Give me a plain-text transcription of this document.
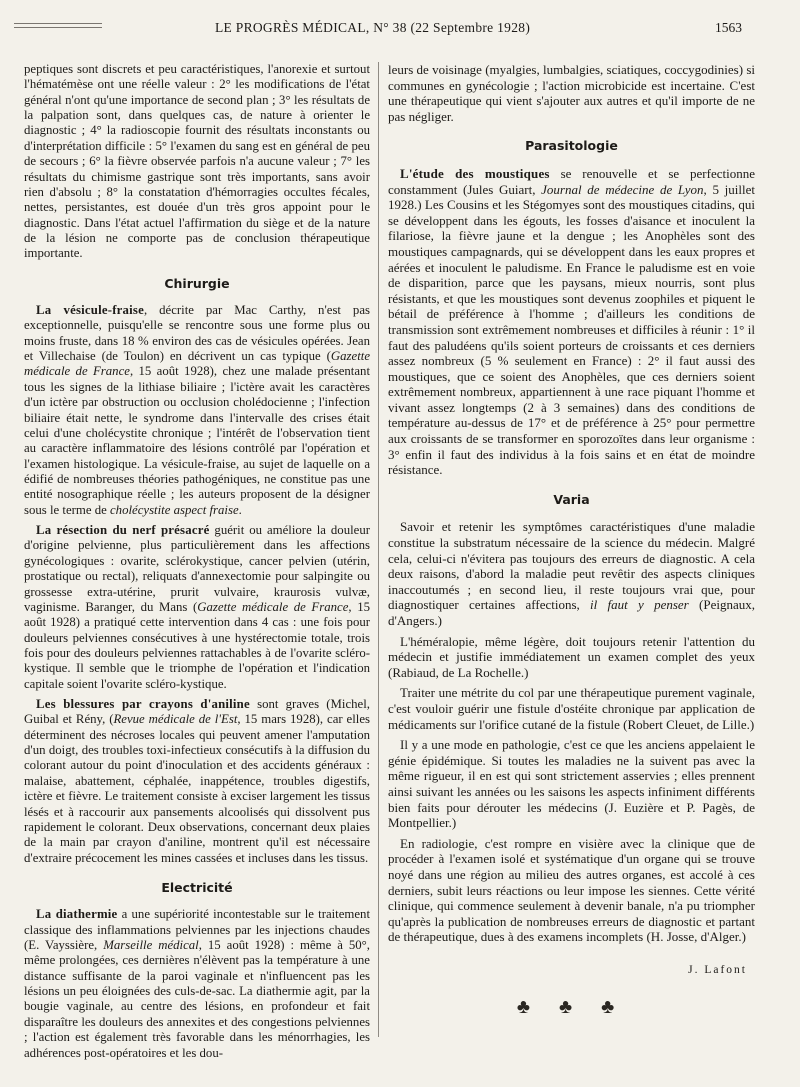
LE PROGRÈS MÉDICAL, N° 38 (22 Septembre 1928)	1563

peptiques sont discrets et peu caractéristiques, l'anorexie et surtout l'hématémèse ont une réelle valeur : 2° les modifications de l'état général n'ont qu'une importance de second plan ; 3° les résultats de la palpation sont, dans quelques cas, de nature à orienter le diagnostic ; 4° la radioscopie fournit des résultats inconstants ou d'interprétation difficile : 5° l'examen du sang est en général de peu de secours ; 6° la fièvre observée parfois n'a aucune valeur ; 7° les résultats du chimisme gastrique sont très importants, sans avoir rien d'absolu ; 8° la constatation d'hémorragies occultes fécales, nettes, persistantes, est douée d'un très gros appoint pour le diagnostic. Dans l'état actuel l'affirmation du siège et de la nature de la lésion ne comporte pas de conclusion thérapeutique importante.

Chirurgie

La vésicule-fraise, décrite par Mac Carthy, n'est pas exceptionnelle, puisqu'elle se rencontre sous une forme plus ou moins fruste, dans 18 % environ des cas de vésicules opérées. Jean et Villechaise (de Toulon) en décrivent un cas typique (Gazette médicale de France, 15 août 1928), chez une malade présentant tous les signes de la lithiase biliaire ; l'ictère avait les caractères d'un ictère par obstruction ou occlusion cholédocienne ; l'infection biliaire était nette, le syndrome dans l'intervalle des crises était celui d'une cholécystite chronique ; l'intérêt de l'observation tient au caractère inflammatoire des lésions contrôlé par l'opération et l'examen histologique. La vésicule-fraise, au sujet de laquelle on a édifié de nombreuses théories pathogéniques, ne constitue pas une entité nosographique réelle ; les auteurs proposent de la désigner sous le terme de cholécystite aspect fraise.

La résection du nerf présacré guérit ou améliore la douleur d'origine pelvienne, plus particulièrement dans les affections gynécologiques : ovarite, sclérokystique, cancer pelvien (utérin, prostatique ou rectal), reliquats d'annexectomie pour salpingite ou grossesse extra-utérine, prurit vulvaire, kraurosis vulvæ, vaginisme. Baranger, du Mans (Gazette médicale de France, 15 août 1928) a pratiqué cette intervention dans 4 cas : une fois pour douleurs pelviennes consécutives à une hystérectomie totale, trois fois pour des douleurs pelviennes rattachables à de l'ovarite scléro-kystique. Il semble que le triomphe de l'opération et l'indication capitale soient l'ovarite scléro-kystique.

Les blessures par crayons d'aniline sont graves (Michel, Guibal et Rény, (Revue médicale de l'Est, 15 mars 1928), car elles déterminent des nécroses locales qui peuvent amener l'amputation d'un doigt, des troubles toxi-infectieux consécutifs à la diffusion du colorant autour du point d'inoculation et des accidents généraux : malaise, abattement, céphalée, inappétence, troubles digestifs, ictère et fièvre. Le traitement consiste à exciser largement les tissus lésés et à raccourir aux pansements alcoolisés qui dissolvent pus rapidement le colorant. Deux observations, concernant deux plaies de la main par crayon d'aniline, montrent qu'il est nécessaire d'extraire précocement les mines cassées et incluses dans les tissus.

Electricité

La diathermie a une supériorité incontestable sur le traitement classique des inflammations pelviennes par les injections chaudes (E. Vayssière, Marseille médical, 15 août 1928) : même à 50°, même prolongées, ces dernières n'élèvent pas la température à une distance suffisante de la paroi vaginale et n'influencent pas les lésions un peu éloignées des culs-de-sac. La diathermie agit, par la bougie vaginale, au centre des lésions, en profondeur et fait disparaître les douleurs des annexites et des congestions pelviennes ; l'action est également très favorable dans les ménorrhagies, les adhérences post-opératoires et les dou-

leurs de voisinage (myalgies, lumbalgies, sciatiques, coccygodinies) si communes en gynécologie ; l'action microbicide est incertaine. C'est une thérapeutique qui vient s'ajouter aux autres et qu'il importe de ne pas négliger.

Parasitologie

L'étude des moustiques se renouvelle et se perfectionne constamment (Jules Guiart, Journal de médecine de Lyon, 5 juillet 1928.) Les Cousins et les Stégomyes sont des moustiques citadins, qui se développent dans les égouts, les fosses d'aisance et inoculent la filariose, la fièvre jaune et la dengue ; les Anophèles sont des moustiques campagnards, qui se développent dans les eaux propres et aérées et inoculent le paludisme. En France le paludisme est en voie de disparition, parce que les paysans, mieux nourris, sont plus résistants, et que les moustiques sont devenus zoophiles et piquent le bétail de préférence à l'homme ; d'ailleurs les conditions de transmission sont extrêmement nombreuses et difficiles à réunir : 1° il faut des paludéens qu'ils soient porteurs de croissants et ces derniers assez nombreux (5 % seulement en France) : 2° il faut aussi des moustiques, que ce soient des Anophèles, que ces derniers soient extrêmement nombreux, appartiennent à une race piquant l'homme et vivant assez longtemps (2 à 3 semaines) dans des conditions de température au-dessus de 17° et de préférence à 25° pour permettre aux croissants de se transformer en sporozoïtes dans leur organisme : 3° enfin il faut des individus à la fois sains et en état de moindre résistance.

Varia

Savoir et retenir les symptômes caractéristiques d'une maladie constitue la substratum nécessaire de la science du médecin. Malgré cela, celui-ci n'évitera pas toujours des erreurs de diagnostic. A cela deux raisons, d'abord la maladie peut revêtir des aspects cliniques inaccoutumés ; en second lieu, il reste toujours vrai que, pour diagnostiquer certaines affections, il faut y penser (Peignaux, d'Angers.)

L'héméralopie, même légère, doit toujours retenir l'attention du médecin et justifie immédiatement un examen complet des yeux (Rabiaud, de La Rochelle.)

Traiter une métrite du col par une thérapeutique purement vaginale, c'est vouloir guérir une fistule d'ostéite chronique par application de médicaments sur l'orifice cutané de la fistule (Robert Cleuet, de Lille.)

Il y a une mode en pathologie, c'est ce que les anciens appelaient le génie épidémique. Si toutes les maladies ne la suivent pas avec la même rigueur, il en est qui sont strictement asservies ; elles prennent ainsi suivant les années ou les saisons les aspects infiniment différents bien faits pour dérouter les médecins (J. Euzière et P. Pagès, de Montpellier.)

En radiologie, c'est rompre en visière avec la clinique que de procéder à l'examen isolé et systématique d'un organe qui se trouve noyé dans une région au milieu des autres organes, est accolé à ces derniers, subit leurs réactions ou leur impose les siennes. Cette vérité clinique, qui commence seulement à devenir banale, n'a pu triompher qu'après la publication de nombreuses erreurs de diagnostic et partant de thérapeutique, dues à des examens incomplets (H. Josse, d'Alger.)

J. Lafont
♣ ♣ ♣
